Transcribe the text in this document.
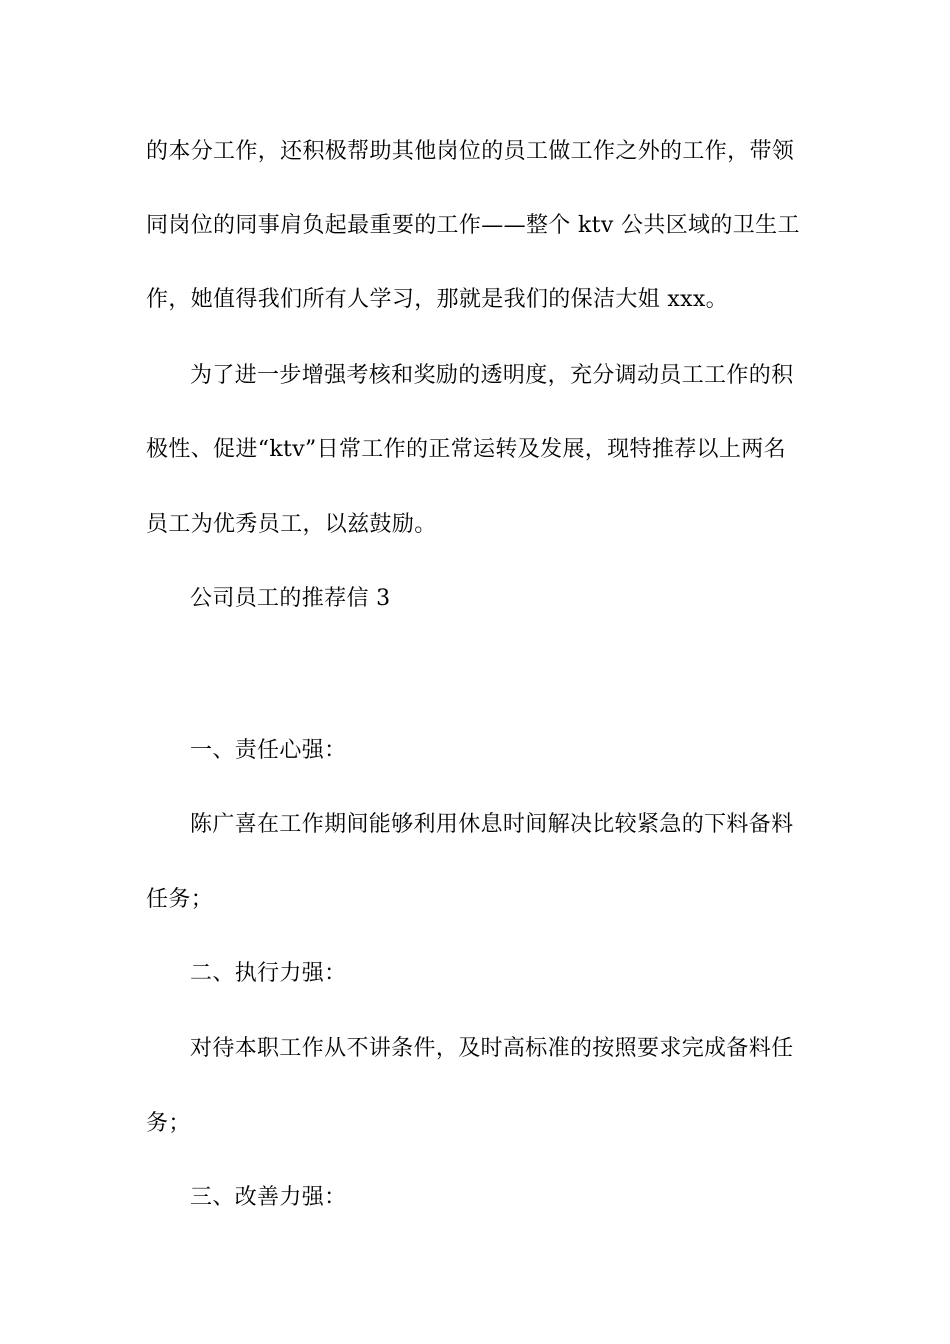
的本分工作，还积极帮助其他岗位的员工做工作之外的工作，带领
同岗位的同事肩负起最重要的工作——整个 ktv 公共区域的卫生工
作，她值得我们所有人学习，那就是我们的保洁大姐 xxx。
为了进一步增强考核和奖励的透明度，充分调动员工工作的积
极性、促进“ktv”日常工作的正常运转及发展，现特推荐以上两名
员工为优秀员工，以兹鼓励。
公司员工的推荐信 3
一、责任心强：
陈广喜在工作期间能够利用休息时间解决比较紧急的下料备料
任务；
二、执行力强：
对待本职工作从不讲条件，及时高标准的按照要求完成备料任
务；
三、改善力强：
